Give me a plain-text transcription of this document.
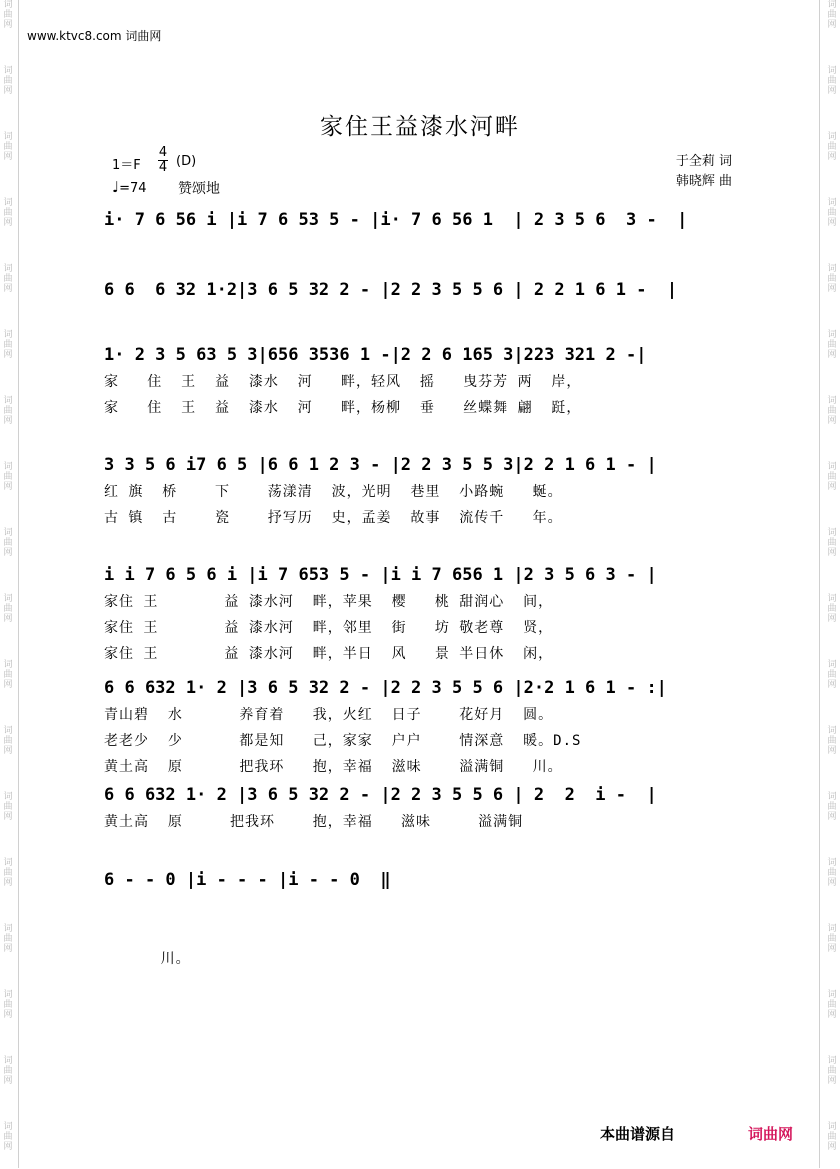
词
曲
网
词
曲
网
词
曲
网
词
曲
网
词
曲
网
词
曲
网
词
曲
网
词
曲
网
词
曲
网
词
曲
网
词
曲
网
词
曲
网
词
曲
网
词
曲
网
词
曲
网
词
曲
网
词
曲
网
词
曲
网
词
曲
网
词
曲
网
词
曲
网
词
曲
网
词
曲
网
词
曲
网
词
曲
网
词
曲
网
词
曲
网
词
曲
网
词
曲
网
词
曲
网
词
曲
网
词
曲
网
词
曲
网
词
曲
网
词
曲
网
词
曲
网
www.ktvc8.com 词曲网
家住王益漆水河畔
1＝F
4
4 (D)
♩=74 赞颂地
于全莉 词
韩晓辉 曲
i· 7 6 56 i |i 7 6 53 5 - |i· 7 6 56 1  | 2 3 5 6  3 -  |
6 6  6 32 1·2|3 6 5 32 2 - |2 2 3 5 5 6 | 2 2 1 6 1 -  |
1· 2 3 5 63 5 3|656 3536 1 -|2 2 6 165 3|223 321 2 -|
家   住  王  益  漆水  河   畔，轻风  摇   曳芬芳 两  岸，
家   住  王  益  漆水  河   畔，杨柳  垂   丝蝶舞 翩  跹，
3 3 5 6 i7 6 5 |6 6 1 2 3 - |2 2 3 5 5 3|2 2 1 6 1 - |
红 旗  桥    下    荡漾清  波，光明  巷里  小路蜿   蜒。
古 镇  古    瓷    抒写历  史，孟姜  故事  流传千   年。
i i 7 6 5 6 i |i 7 653 5 - |i i 7 656 1 |2 3 5 6 3 - |
家住 王       益 漆水河  畔，苹果  樱   桃 甜润心  间，
家住 王       益 漆水河  畔，邻里  街   坊 敬老尊  贤，
家住 王       益 漆水河  畔，半日  风   景 半日休  闲，
6 6 632 1· 2 |3 6 5 32 2 - |2 2 3 5 5 6 |2·2 1 6 1 - :|
青山碧  水      养育着   我，火红  日子    花好月  圆。
老老少  少      都是知   己，家家  户户    情深意  暖。D.S
黄土高  原      把我环   抱，幸福  滋味    溢满铜   川。
6 6 632 1· 2 |3 6 5 32 2 - |2 2 3 5 5 6 | 2  2  i -  |
黄土高  原     把我环    抱，幸福   滋味     溢满铜
6 - - 0 |i - - - |i - - 0  ‖
川。
本曲谱源自	词曲网
